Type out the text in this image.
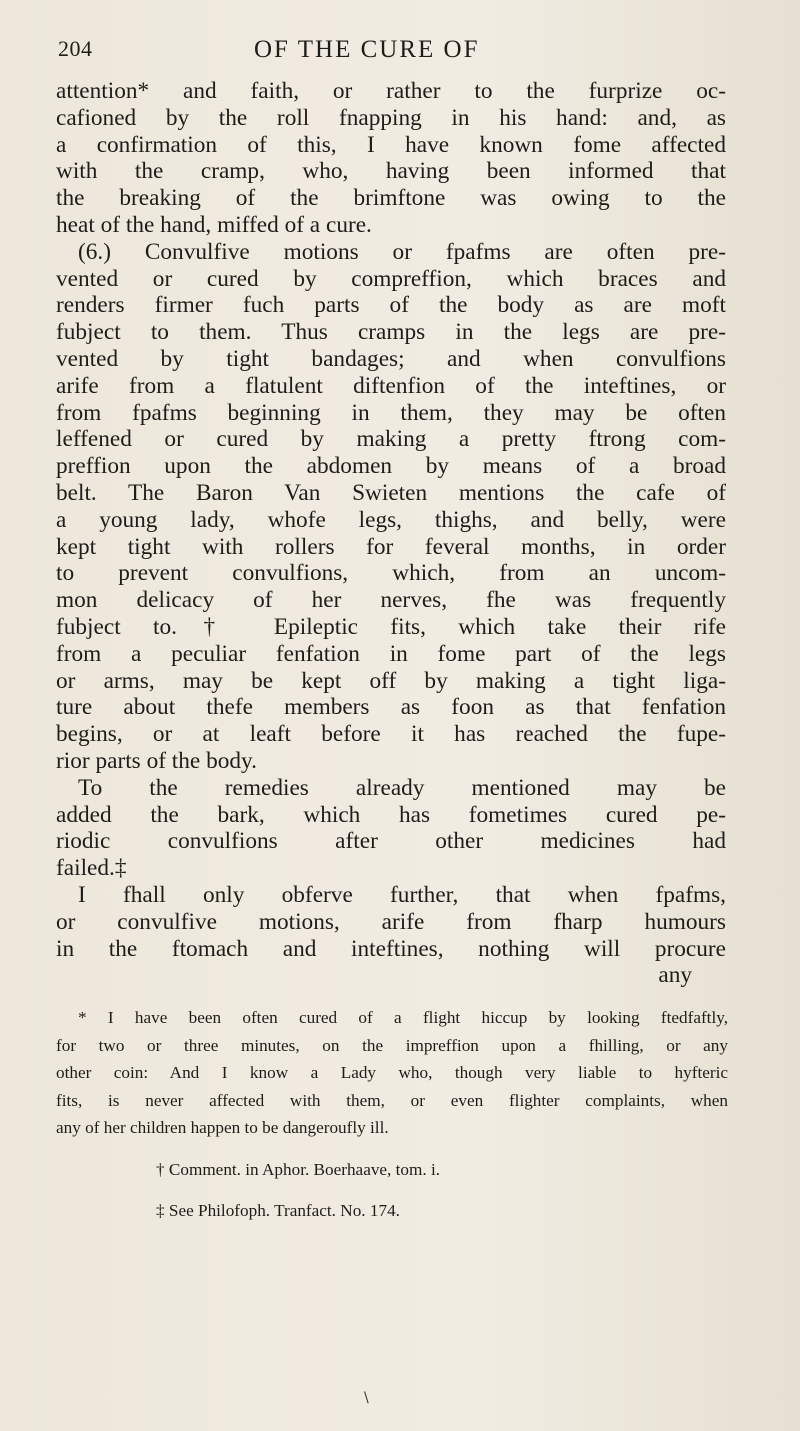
204	OF THE CURE OF
attention* and faith, or rather to the furprize oc-
cafioned by the roll fnapping in his hand: and, as
a confirmation of this, I have known fome affected
with the cramp, who, having been informed that
the breaking of the brimftone was owing to the
heat of the hand, miffed of a cure.
(6.) Convulfive motions or fpafms are often pre-
vented or cured by compreffion, which braces and
renders firmer fuch parts of the body as are moft
fubject to them. Thus cramps in the legs are pre-
vented by tight bandages; and when convulfions
arife from a flatulent diftenfion of the inteftines, or
from fpafms beginning in them, they may be often
leffened or cured by making a pretty ftrong com-
preffion upon the abdomen by means of a broad
belt. The Baron Van Swieten mentions the cafe of
a young lady, whofe legs, thighs, and belly, were
kept tight with rollers for feveral months, in order
to prevent convulfions, which, from an uncom-
mon delicacy of her nerves, fhe was frequently
fubject to.† Epileptic fits, which take their rife
from a peculiar fenfation in fome part of the legs
or arms, may be kept off by making a tight liga-
ture about thefe members as foon as that fenfation
begins, or at leaft before it has reached the fupe-
rior parts of the body.
To the remedies already mentioned may be
added the bark, which has fometimes cured pe-
riodic convulfions after other medicines had
failed.‡
I fhall only obferve further, that when fpafms,
or convulfive motions, arife from fharp humours
in the ftomach and inteftines, nothing will procure
any
* I have been often cured of a flight hiccup by looking ftedfaftly,
for two or three minutes, on the impreffion upon a fhilling, or any
other coin: And I know a Lady who, though very liable to hyfteric
fits, is never affected with them, or even flighter complaints, when
any of her children happen to be dangeroufly ill.
† Comment. in Aphor. Boerhaave, tom. i.
‡ See Philofoph. Tranfact. No. 174.
\
